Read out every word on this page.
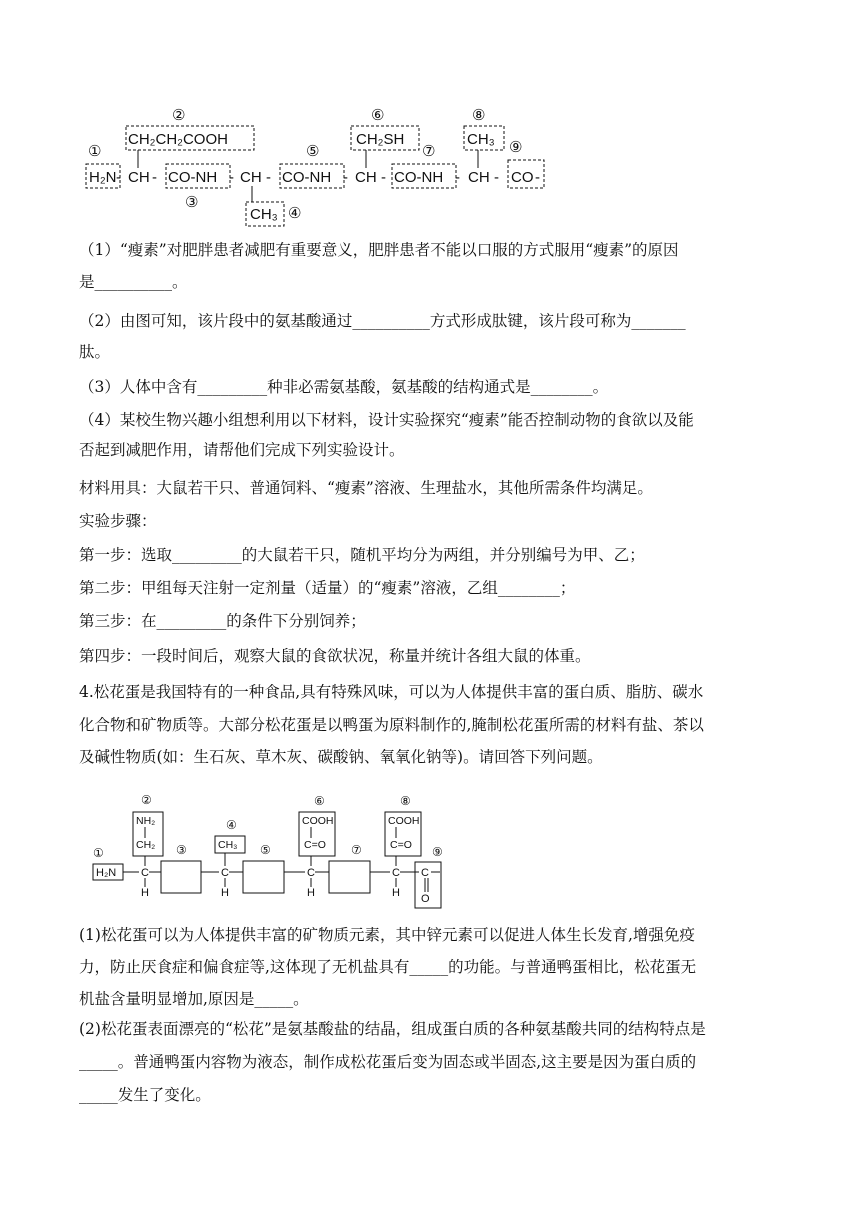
①
②
③
④
⑤
⑥
⑦
⑧
⑨
H₂N - CH - CO-NH - CH - CO-NH - CH - CO-NH - CH - CO -
CH₂CH₂COOH
CH₃
CH₂SH	CH₃
（1）“瘦素”对肥胖患者减肥有重要意义，肥胖患者不能以口服的方式服用“瘦素”的原因
是__________。
（2）由图可知，该片段中的氨基酸通过__________方式形成肽键，该片段可称为_______
肽。
（3）人体中含有_________种非必需氨基酸，氨基酸的结构通式是________。
（4）某校生物兴趣小组想利用以下材料，设计实验探究“瘦素”能否控制动物的食欲以及能
否起到减肥作用，请帮他们完成下列实验设计。
材料用具：大鼠若干只、普通饲料、“瘦素”溶液、生理盐水，其他所需条件均满足。
实验步骤：
第一步：选取_________的大鼠若干只，随机平均分为两组，并分别编号为甲、乙；
第二步：甲组每天注射一定剂量（适量）的“瘦素”溶液，乙组________；
第三步：在_________的条件下分别饲养；
第四步：一段时间后，观察大鼠的食欲状况，称量并统计各组大鼠的体重。
4.松花蛋是我国特有的一种食品,具有特殊风味，可以为人体提供丰富的蛋白质、脂肪、碳水
化合物和矿物质等。大部分松花蛋是以鸭蛋为原料制作的,腌制松花蛋所需的材料有盐、茶以
及碱性物质(如：生石灰、草木灰、碳酸钠、氧氧化钠等)。请回答下列问题。
①
②
③
④
⑤
⑥
⑦
⑧
⑨
H₂N C
H
C
H
C
H
C
H
NH₂
CH₂	CH₃
COOH
C=O
COOH
C=O
C
O
(1)松花蛋可以为人体提供丰富的矿物质元素，其中锌元素可以促进人体生长发育,增强免疫
力，防止厌食症和偏食症等,这体现了无机盐具有_____的功能。与普通鸭蛋相比，松花蛋无
机盐含量明显增加,原因是_____。
(2)松花蛋表面漂亮的“松花”是氨基酸盐的结晶，组成蛋白质的各种氨基酸共同的结构特点是
_____。普通鸭蛋内容物为液态，制作成松花蛋后变为固态或半固态,这主要是因为蛋白质的
_____发生了变化。
